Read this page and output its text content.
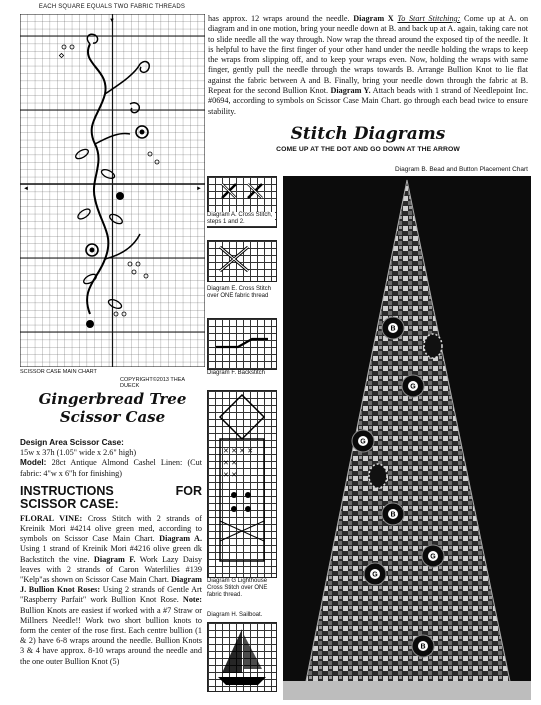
EACH SQUARE EQUALS TWO FABRIC THREADS
◄	►
▼
SCISSOR CASE MAIN CHART
COPYRIGHT©2013 THEA DUECK
Gingerbread Tree
Scissor Case

Design Area Scissor Case:

15w x 37h (1.05" wide x 2.6" high)

Model: 28ct Antique Almond Cashel Linen: (Cut fabric: 4"w x 6"h for finishing)

INSTRUCTIONS	FOR
SCISSOR CASE:

FLORAL VINE: Cross Stitch with 2 strands of Kreinik Mori #4214 olive green med, according to symbols on Scissor Case Main Chart. Diagram A. Using 1 strand of Kreinik Mori #4216 olive green dk Backstitch the vine. Diagram F. Work Lazy Daisy leaves with 2 strands of Caron Waterlilies #139 "Kelp"as shown on Scissor Case Main Chart. Diagram J. Bullion Knot Roses: Using 2 strands of Gentle Art "Raspberry Parfait" work Bullion Knot Rose. Note: Bullion Knots are easiest if worked with a #7 Straw or Millners Needle!! Work two short bullion knots to form the center of the rose first. Each centre bullion (1 & 2) have 6-8 wraps around the needle. Bullion Knots 3 & 4 have approx. 8-10 wraps around the needle and the one outer Bullion Knot (5)

has approx. 12 wraps around the needle. Diagram X To Start Stitching: Come up at A. on diagram and in one motion, bring your needle down at B. and back up at A. again, taking care not to slide needle all the way through. Now wrap the thread around the exposed tip of the needle. It is helpful to have the first finger of your other hand under the needle holding the wraps to keep the wraps from slipping off, and to keep your wraps even. Now, holding the wraps with same finger, gently pull the needle through the wraps towards B. Arrange Bullion Knot to lie flat against the fabric between A and B. Finally, bring your needle down through the fabric at B. Repeat for the second Bullion Knot. Diagram Y. Attach beads with 1 strand of Needlepoint Inc. #0694, according to symbols on Scissor Case Main Chart. go through each bead twice to ensure stability.
Stitch Diagrams
COME UP AT THE DOT AND GO DOWN AT THE ARROW
Diagram A. Cross Stitch, steps 1 and 2.
Diagram E. Cross Stitch over ONE fabric thread
Diagram F. Backstitch
✕ ✕ ✕ ✕
✕ ✕
✕ ✕
Diagram G Lighthouse Cross Stitch over ONE fabric thread.
Diagram H. Sailboat.
Diagram B. Bead and Button Placement Chart
B
G
G
B
G
G
B
